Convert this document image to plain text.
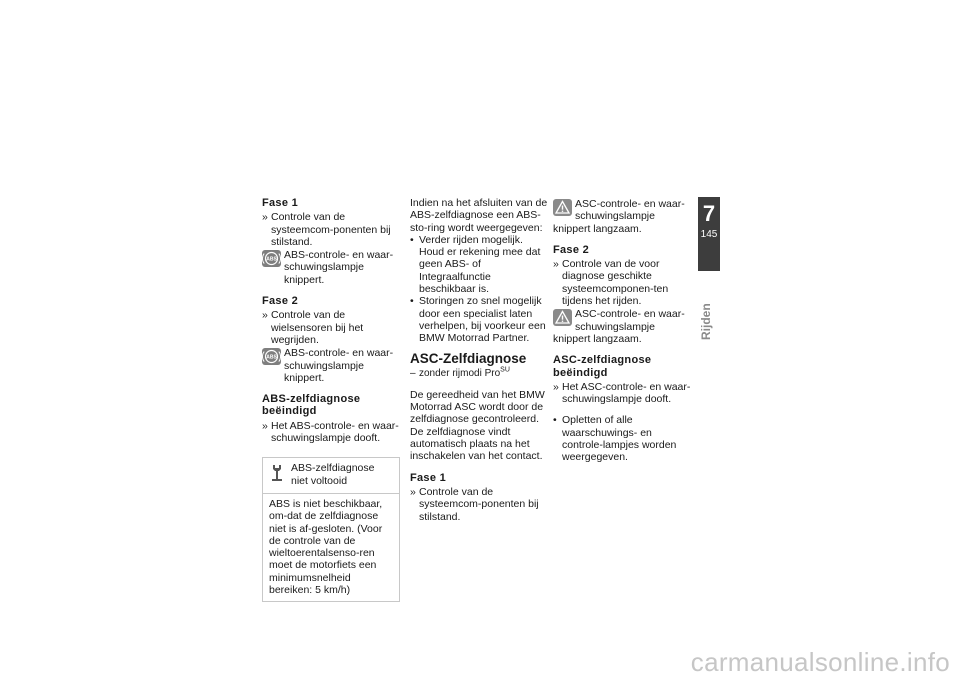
Fase 1

» Controle van de systeemcom-ponenten bij stilstand.

ABS ABS-controle- en waar-schuwingslampje knippert.
Fase 2

» Controle van de wielsensoren bij het wegrijden.

ABS ABS-controle- en waar-schuwingslampje knippert.
ABS-zelfdiagnose beëindigd

» Het ABS-controle- en waar-schuwingslampje dooft.

ABS-zelfdiagnose niet voltooid
ABS is niet beschikbaar, om-dat de zelfdiagnose niet is af-gesloten. (Voor de controle van de wieltoerentalsenso-ren moet de motorfiets een minimumsnelheid bereiken: 5 km/h)

Indien na het afsluiten van de ABS-zelfdiagnose een ABS-sto-ring wordt weergegeven:

• Verder rijden mogelijk. Houd er rekening mee dat geen ABS- of Integraalfunctie beschikbaar is.

• Storingen zo snel mogelijk door een specialist laten verhelpen, bij voorkeur een BMW Motorrad Partner.

ASC-Zelfdiagnose

– zonder rijmodi Pro$^{SU}$

De gereedheid van het BMW Motorrad ASC wordt door de zelfdiagnose gecontroleerd. De zelfdiagnose vindt automatisch plaats na het inschakelen van het contact.

Fase 1

» Controle van de systeemcom-ponenten bij stilstand.

ASC-controle- en waar-schuwingslampje knippert langzaam.
Fase 2

» Controle van de voor diagnose geschikte systeemcomponen-ten tijdens het rijden.

ASC-controle- en waar-schuwingslampje knippert langzaam.
ASC-zelfdiagnose beëindigd

» Het ASC-controle- en waar-schuwingslampje dooft.

• Opletten of alle waarschuwings- en controle-lampjes worden weergegeven.

7
145
Rijden
carmanualsonline.info
